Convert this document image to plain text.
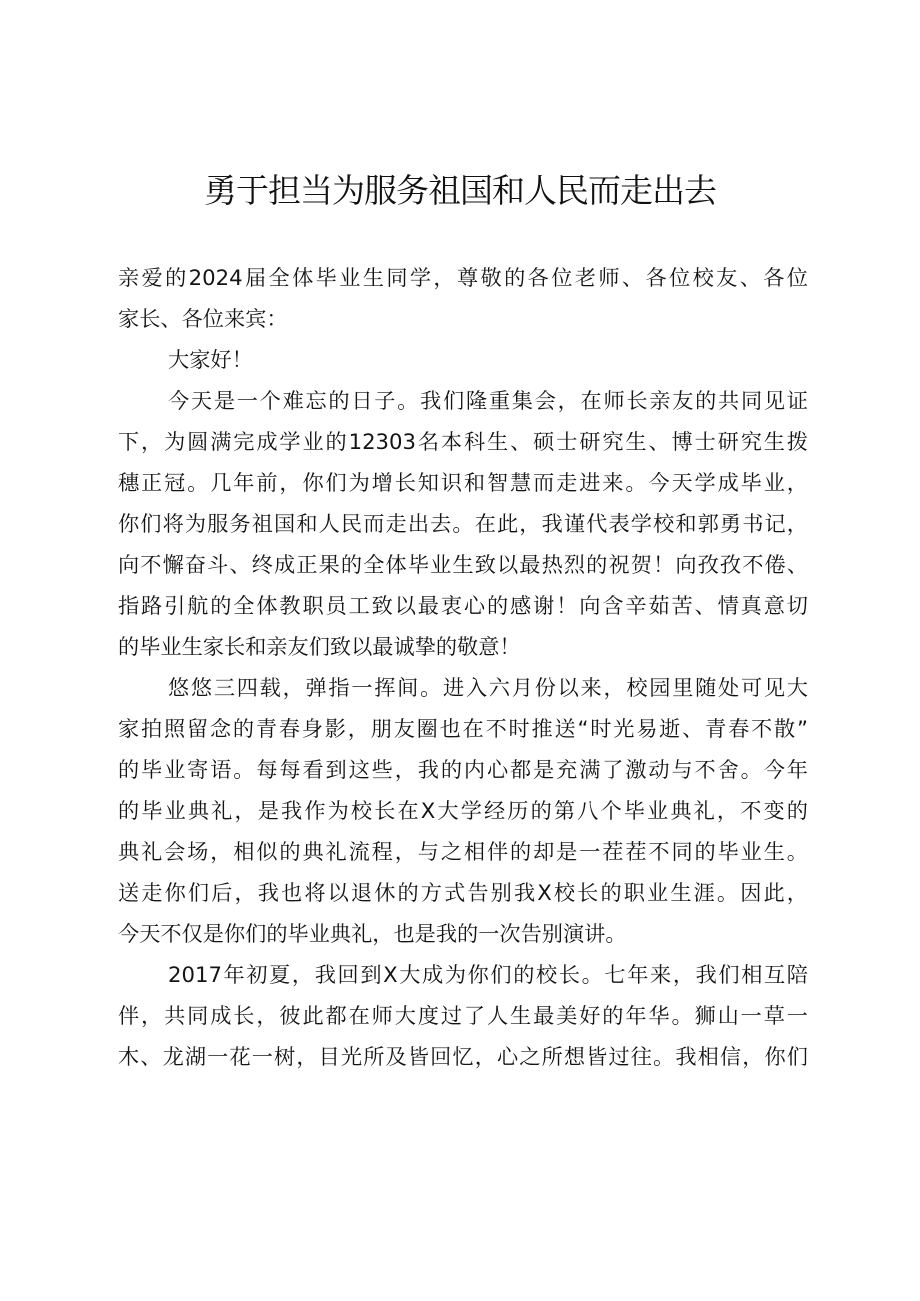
勇于担当为服务祖国和人民而走出去
亲爱的2024届全体毕业生同学，尊敬的各位老师、各位校友、各位
家长、各位来宾：
大家好！
今天是一个难忘的日子。我们隆重集会，在师长亲友的共同见证
下，为圆满完成学业的12303名本科生、硕士研究生、博士研究生拨
穗正冠。几年前，你们为增长知识和智慧而走进来。今天学成毕业，
你们将为服务祖国和人民而走出去。在此，我谨代表学校和郭勇书记，
向不懈奋斗、终成正果的全体毕业生致以最热烈的祝贺！向孜孜不倦、
指路引航的全体教职员工致以最衷心的感谢！向含辛茹苦、情真意切
的毕业生家长和亲友们致以最诚挚的敬意！
悠悠三四载，弹指一挥间。进入六月份以来，校园里随处可见大
家拍照留念的青春身影，朋友圈也在不时推送“时光易逝、青春不散”
的毕业寄语。每每看到这些，我的内心都是充满了激动与不舍。今年
的毕业典礼，是我作为校长在X大学经历的第八个毕业典礼，不变的
典礼会场，相似的典礼流程，与之相伴的却是一茬茬不同的毕业生。
送走你们后，我也将以退休的方式告别我X校长的职业生涯。因此，
今天不仅是你们的毕业典礼，也是我的一次告别演讲。
2017年初夏，我回到X大成为你们的校长。七年来，我们相互陪
伴，共同成长，彼此都在师大度过了人生最美好的年华。狮山一草一
木、龙湖一花一树，目光所及皆回忆，心之所想皆过往。我相信，你们
